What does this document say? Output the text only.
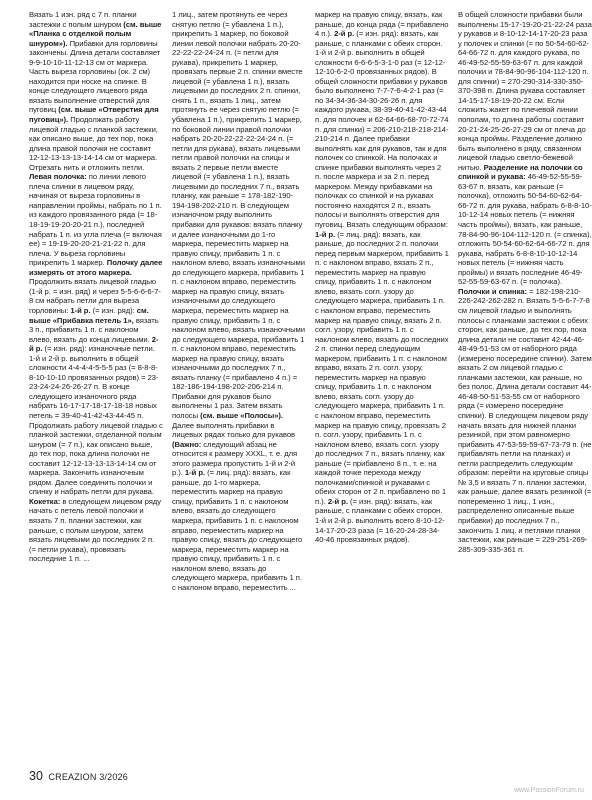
Вязать 1 изн. ряд с 7 п. планки застежки с полым шнуром (см. выше «Планка с отделкой полым шнуром»). Прибавки для горловины закончены. Длина детали составляет 9-9-10-10-11-12-13 см от маркера. Часть выреза горловины (ок. 2 см) находится при носке на спинке. В конце следующего лицевого ряда вязать выполнение отверстий для пуговиц (см. выше «Отверстия для пуговиц»). Продолжать работу лицевой гладью с планкой застежки, как описано выше, до тех пор, пока длина правой полочки не составит 12-12-13-13-13-14-14 см от маркера. Отрезать нить и отложить петли. Левая полочка: по линии левого плеча слинки в лицевом ряду, начиная от выреза горловины в направлении проймы, набрать по 1 п. из каждого провязанного ряда (= 18-18-19-19-20-20-21 п.), последней набрать 1 п. из угла плеча (= включая ее) = 19-19-20-20-21-21-22 п. для плеча. У выреза горловины прикрепить 1 маркер. Полочку далее измерять от этого маркера. Продолжить вязать лицевой гладью (1-й р. = изн. ряд) и через 5-5-6-6-6-7-8 см набрать петли для выреза горловины: 1-й р. (= изн. ряд): см. выше «Прибавка петель 1», вязать 3 п., прибавить 1 п. с наклоном влево, вязать до конца лицевыми. 2-й р. (= изн. ряд): изнаночные петли. 1-й и 2-й р. выполнить в общей сложности 4-4-4-4-5-5-5 раз (= 8-8-8-8-10-10-10 провязанных рядов) = 23-23-24-24-26-26-27 п. В конце следующего изнаночного ряда набрать 16-17-17-18-17-18-18 новых петель = 39-40-41-42-43-44-45 п. Продолжать работу лицевой гладью с планкой застежки, отделанной полым шнуром (= 7 п.), как описано выше, до тех пор, пока длина полочки не составит 12-12-13-13-13-14-14 см от маркера. Закончить изнаночным рядом. Далее соединить полочки и спинку и набрать петли для рукава. Кокетка: в следующем лицевом ряду начать с петель левой полочки и вязать 7 п. планки застежки, как раньше, с полым шнуром, затем вязать лицевыми до последних 2 п. (= петли рукава), провязать последние 1 п. ...

1 лиц., затем протянуть ее через снятую петлю (= убавлена 1 п.), прикрепить 1 маркер, по боковой линии левой полочки набрать 20-20-22-22-22-24-24 п. (= петли для рукава), прикрепить 1 маркер, провязать первые 2 п. спинки вместе лицевой (= убавлена 1 п.), вязать лицевыми до последних 2 п. спинки, снять 1 п., вязать 1 лиц., затем протянуть ее через снятую петлю (= убавлена 1 п.), прикрепить 1 маркер, по боковой линии правой полочки набрать 20-20-22-22-22-24-24 п. (= петли для рукава), вязать лицевыми петли правой полочки на спицы и вязать 2 первые петли вместе лицевой (= убавлена 1 п.), вязать лицевыми до последних 7 п., вязать планку, как раньше = 178-182-190-194-198-202-210 п. В следующем изнаночном ряду выполнить прибавки для рукавов: вязать планку и далее изнаночными до 1-го маркера, переместить маркер на правую спицу, прибавить 1 п. с наклоном влево, вязать изнаночными до следующего маркера, прибавить 1 п. с наклоном вправо, переместить маркер на правую спицу, вязать изнаночными до следующего маркера, переместить маркер на правую спицу, прибавить 1 п. с наклоном влево, вязать изнаночными до следующего маркера, прибавить 1 п. с наклоном вправо, переместить маркер на правую спицу, вязать изнаночными до последних 7 п., вязать планку (= прибавлено 4 п.) = 182-186-194-198-202-206-214 п. Прибавки для рукавов было выполнены 1 раз. Затем вязать полосы (см. выше «Полосы»). Далее выполнять прибавки в лицевых рядах только для рукавов (Важно: следующий абзац не относится к размеру XXXL, т. е. для этого размера пропустить 1-й и 2-й р.). 1-й р. (= лиц. ряд): вязать, как раньше, до 1-го маркера, переместить маркер на правую спицу, прибавить 1 п. с наклоном влево, вязать до следующего маркера, прибавить 1 п. с наклоном вправо, переместить маркер на правую спицу, вязать до следующего маркера, переместить маркер на правую спицу, прибавить 1 п. с наклоном влево, вязать до следующего маркера, прибавить 1 п. с наклоном вправо, переместить ...

маркер на правую спицу, вязать, как раньше, до конца ряда (= прибавлено 4 п.). 2-й р. (= изн. ряд): вязать, как раньше, с планками с обеих сторон. 1-й и 2-й р. выполнить в общей сложности 6-6-6-5-3-1-0 раз (= 12-12-12-10-6-2-0 провязанных рядов). В общей сложности прибавки у рукавов было выполнено 7-7-7-6-4-2-1 раз (= по 34-34-36-34-30-26-26 п. для каждого рукава, 38-39-40-41-42-43-44 п. для полочек и 62-64-66-68-70-72-74 п. для спинки) = 206-210-218-218-214-210-214 п. Далее прибавки выполнять как для рукавов, так и для полочек со спинкой. На полочках и спинке прибавки выполнять через 2 п. после маркера и за 2 п. перед маркером. Между прибавками на полочках со спинкой и на рукавах постоянно находятся 2 п., вязать полосы и выполнять отверстия для пуговиц. Вязать следующим образом: 1-й р. (= лиц. ряд): вязать, как раньше, до последних 2 п. полочки перед первым маркером, прибавить 1 п. с наклоном вправо, вязать 2 п., переместить маркер на правую спицу, прибавить 1 п. с наклоном влево, вязать согл. узору до следующего маркера, прибавить 1 п. с наклоном вправо, переместить маркер на правую спицу, вязать 2 п. согл. узору, прибавить 1 п. с наклоном влево, вязать до последних 2 п. спинки перед следующим маркером, прибавить 1 п. с наклоном вправо, вязать 2 п. согл. узору, переместить маркер на правую спицу, прибавить 1 п. с наклоном влево, вязать согл. узору до следующего маркера, прибавить 1 п. с наклоном вправо, переместить маркер на правую спицу, провязать 2 п. согл. узору, прибавить 1 п. с наклоном влево, вязать согл. узору до последних 7 п., вязать планку, как раньше (= прибавлено 8 п., т. е. на каждой точке перехода между полочками/спинкой и рукавами с обеих сторон от 2 п. прибавлено по 1 п.). 2-й р. (= изн. ряд): вязать, как раньше, с планками с обеих сторон. 1-й и 2-й р. выполнить всего 8-10-12-14-17-20-23 раза (= 16-20-24-28-34-40-46 провязанных рядов).

В общей сложности прибавки были выполнены 15-17-19-20-21-22-24 раза у рукавов и 8-10-12-14-17-20-23 раза у полочек и спинки (= по 50-54-60-62-64-66-72 п. для каждого рукава, по 46-49-52-55-59-63-67 п. для каждой полочки и 78-84-90-96-104-112-120 п. для спинки) = 270-290-314-330-350-370-398 п. Длина рукава составляет 14-15-17-18-19-20-22 см. Если сложить жакет по плечевой линии пополам, то длина работы составит 20-21-24-25-26-27-29 см от плеча до конца проймы. Разделение должно быть выполнено в ряду, связанном лицевой гладью светло-бежевой нитью. Разделение на полочки со спинкой и рукава: 46-49-52-55-59-63-67 п. вязать, как раньше (= полочка), отложить 50-54-60-62-64-66-72 п. для рукава, набрать 6-8-8-10-10-12-14 новых петель (= нижняя часть проймы), вязать, как раньше, 78-84-90-96-104-112-120 п. (= спинка), отложить 50-54-60-62-64-66-72 п. для рукава, набрать 6-8-8-10-10-12-14 новых петель (= нижняя часть проймы) и вязать последние 46-49-52-55-59-63-67 п. (= полочка). Полочки и спинка: = 182-198-210-226-242-262-282 п. Вязать 5-5-6-7-7-8 см лицевой гладью и выполнять полосы с планками застежки с обеих сторон, как раньше, до тех пор, пока длина детали не составит 42-44-46-48-49-51-53 см от наборного ряда (измерено посередине спинки). Затем вязать 2 см лицевой гладью с планками застежки, как раньше, но без полос. Длина детали составит 44-46-48-50-51-53-55 см от наборного ряда (= измерено посередине спинки). В следующем лицевом ряду начать вязать для нижней планки резинкой, при этом равномерно прибавить 47-53-59-59-67-73-79 п. (не прибавлять петли на планках) и петли распределить следующим образом: перейти на круговые спицы № 3,5 и вязать 7 п. планки застежки, как раньше, далее вязать резинкой (= попеременно 1 лиц., 1 изн., распределенно описанные выше прибавки) до последних 7 п., закончить 1 лиц. и петлями планки застежки, как раньше = 229-251-269-285-309-335-361 п.

30 CREAZION 3/2026
www.PassionForum.ru
